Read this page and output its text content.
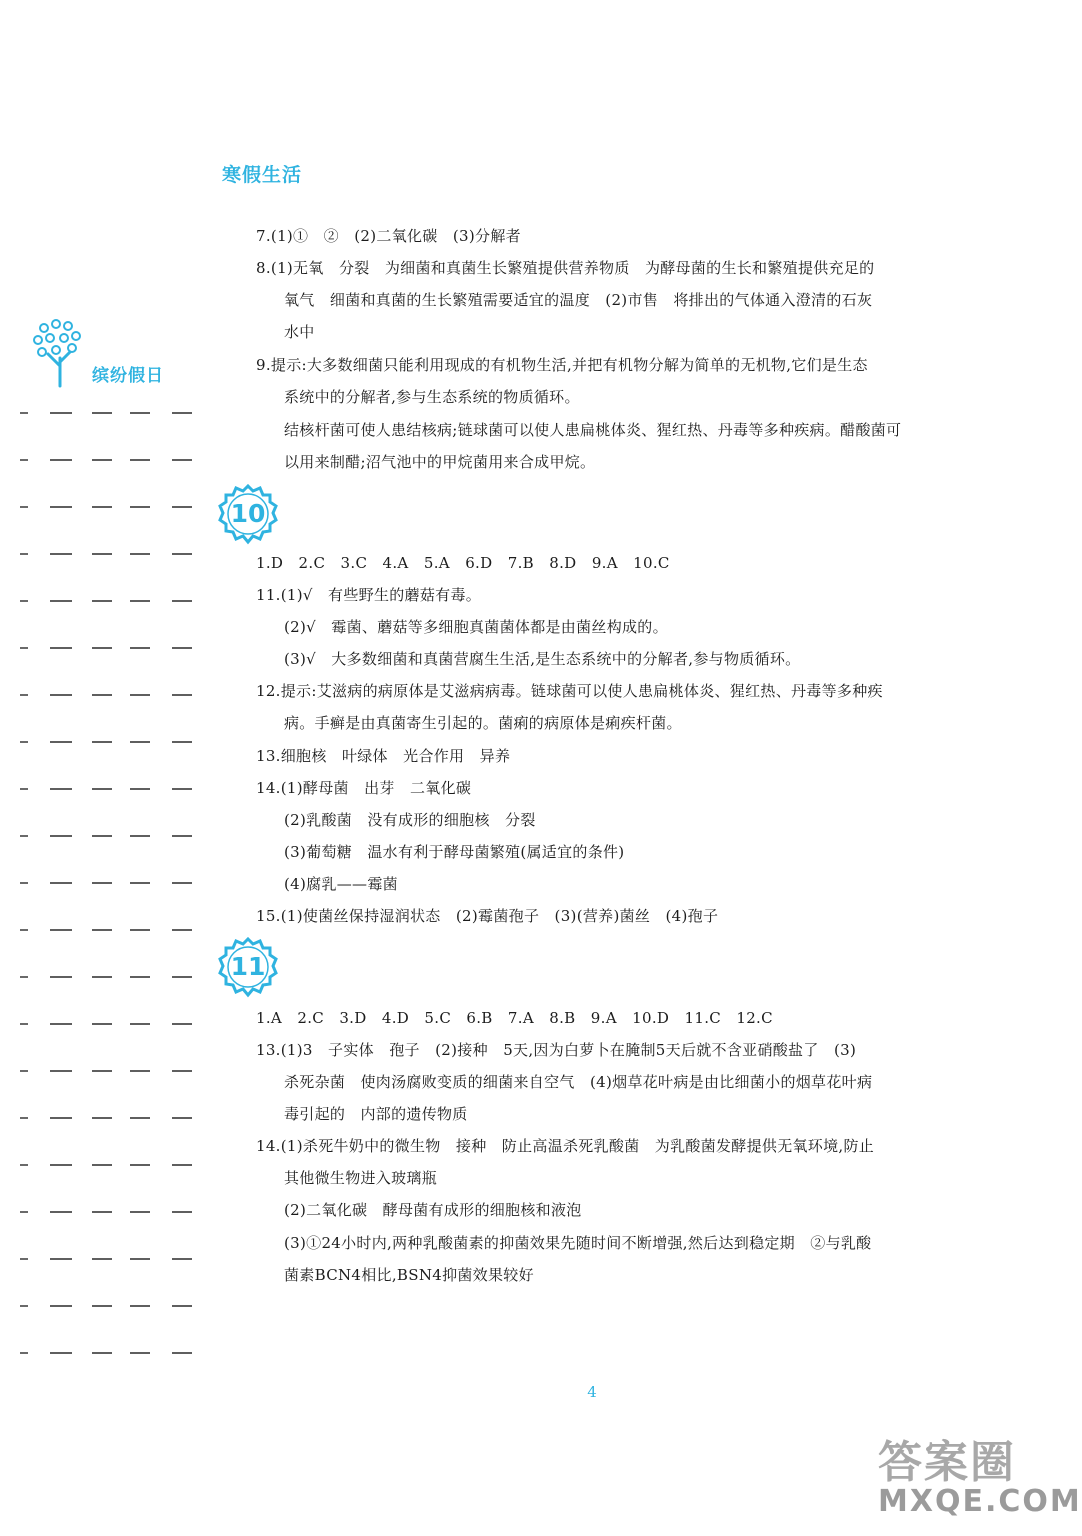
寒假生活
缤纷假日
10
11
7.(1)①　②　(2)二氧化碳　(3)分解者
8.(1)无氧　分裂　为细菌和真菌生长繁殖提供营养物质　为酵母菌的生长和繁殖提供充足的
氧气　细菌和真菌的生长繁殖需要适宜的温度　(2)市售　将排出的气体通入澄清的石灰
水中
9.提示:大多数细菌只能利用现成的有机物生活,并把有机物分解为简单的无机物,它们是生态
系统中的分解者,参与生态系统的物质循环。
结核杆菌可使人患结核病;链球菌可以使人患扁桃体炎、猩红热、丹毒等多种疾病。醋酸菌可
以用来制醋;沼气池中的甲烷菌用来合成甲烷。
1.D　2.C　3.C　4.A　5.A　6.D　7.B　8.D　9.A　10.C
11.(1)√　有些野生的蘑菇有毒。
(2)√　霉菌、蘑菇等多细胞真菌菌体都是由菌丝构成的。
(3)√　大多数细菌和真菌营腐生生活,是生态系统中的分解者,参与物质循环。
12.提示:艾滋病的病原体是艾滋病病毒。链球菌可以使人患扁桃体炎、猩红热、丹毒等多种疾
病。手癣是由真菌寄生引起的。菌痢的病原体是痢疾杆菌。
13.细胞核　叶绿体　光合作用　异养
14.(1)酵母菌　出芽　二氧化碳
(2)乳酸菌　没有成形的细胞核　分裂
(3)葡萄糖　温水有利于酵母菌繁殖(属适宜的条件)
(4)腐乳——霉菌
15.(1)使菌丝保持湿润状态　(2)霉菌孢子　(3)(营养)菌丝　(4)孢子
1.A　2.C　3.D　4.D　5.C　6.B　7.A　8.B　9.A　10.D　11.C　12.C
13.(1)3　子实体　孢子　(2)接种　5天,因为白萝卜在腌制5天后就不含亚硝酸盐了　(3)
杀死杂菌　使肉汤腐败变质的细菌来自空气　(4)烟草花叶病是由比细菌小的烟草花叶病
毒引起的　内部的遗传物质
14.(1)杀死牛奶中的微生物　接种　防止高温杀死乳酸菌　为乳酸菌发酵提供无氧环境,防止
其他微生物进入玻璃瓶
(2)二氧化碳　酵母菌有成形的细胞核和液泡
(3)①24小时内,两种乳酸菌素的抑菌效果先随时间不断增强,然后达到稳定期　②与乳酸
菌素BCN4相比,BSN4抑菌效果较好
4
答案圈
MXQE.COM
